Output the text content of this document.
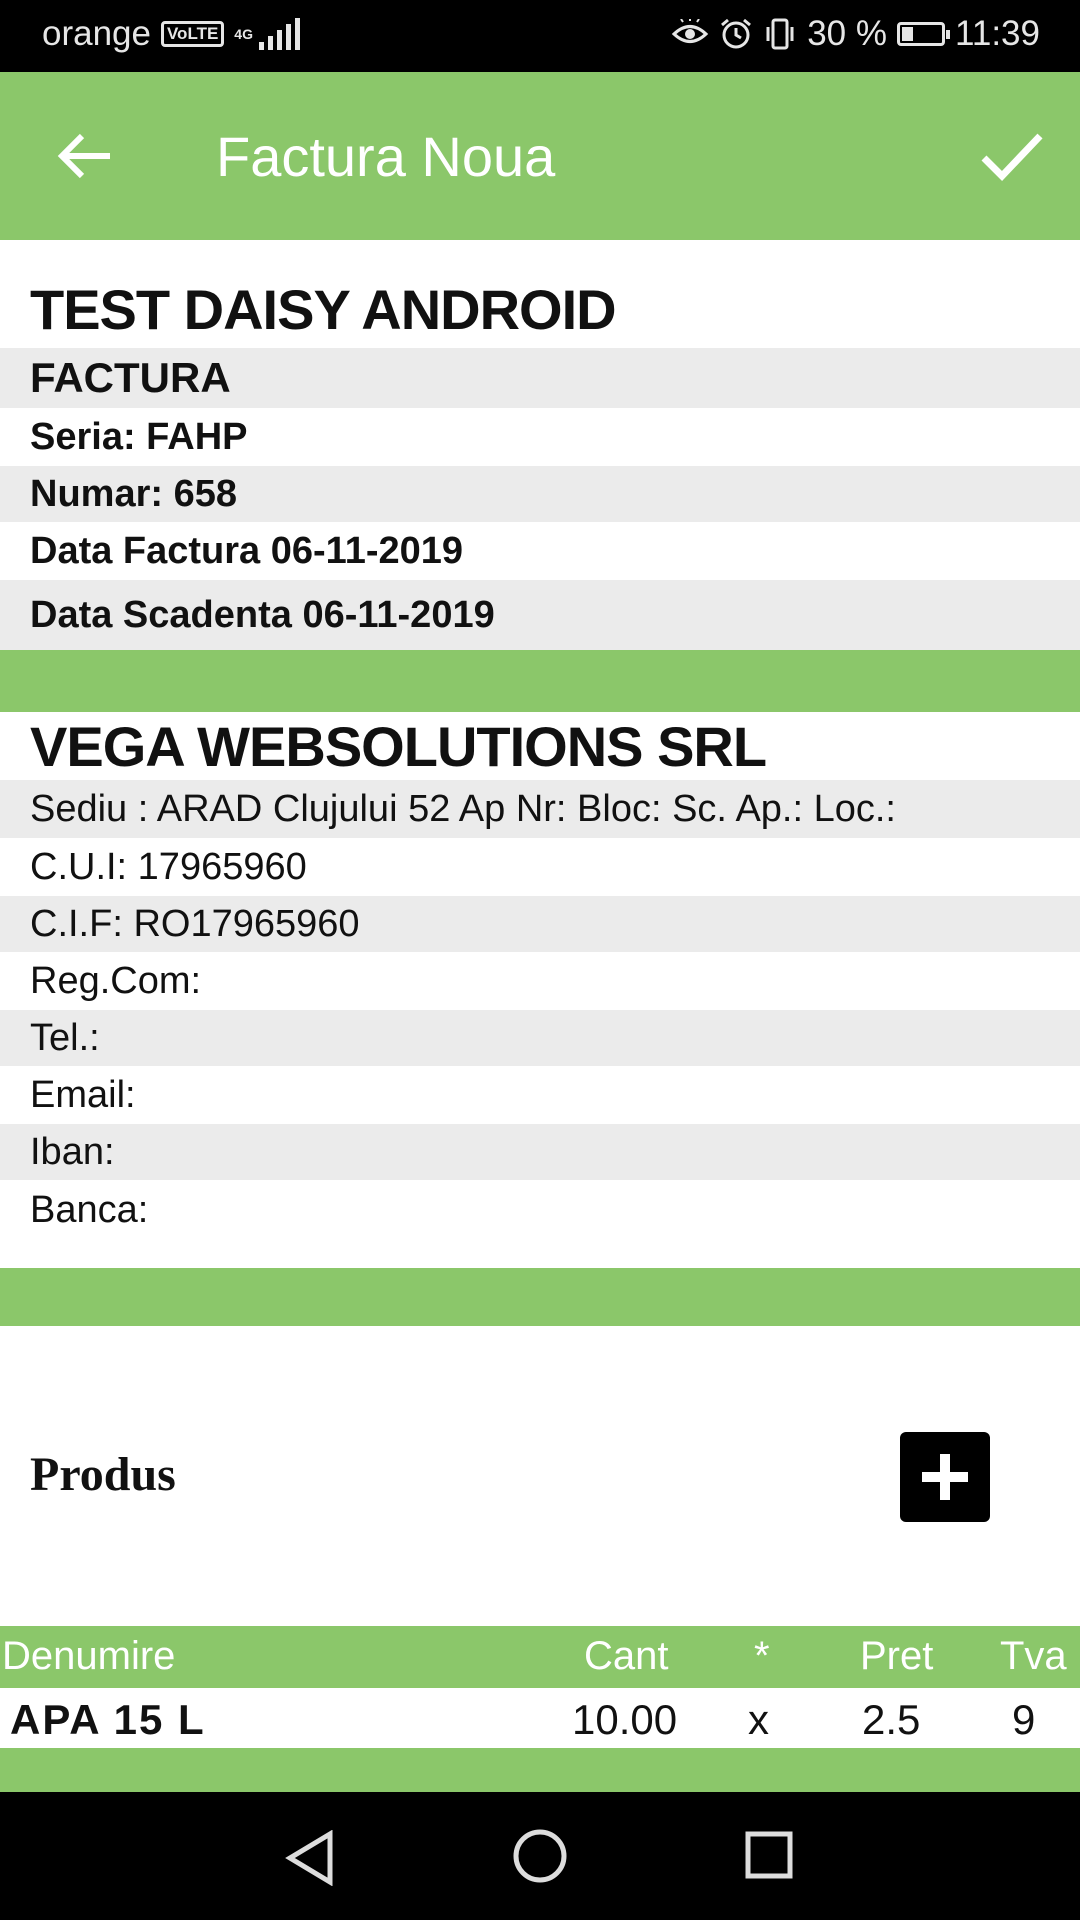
orange VoLTE	4G	30 % 11:39
Factura Noua
TEST DAISY ANDROID
FACTURA
Seria: FAHP
Numar: 658
Data Factura 06-11-2019
Data Scadenta 06-11-2019
VEGA WEBSOLUTIONS SRL
Sediu : ARAD Clujului 52 Ap Nr: Bloc: Sc. Ap.: Loc.:
C.U.I: 17965960
C.I.F: RO17965960
Reg.Com:
Tel.:
Email:
Iban:
Banca:
Produs
Denumire	Cant * Pret Tva
APA 15 L	10.00 x 2.5 9
